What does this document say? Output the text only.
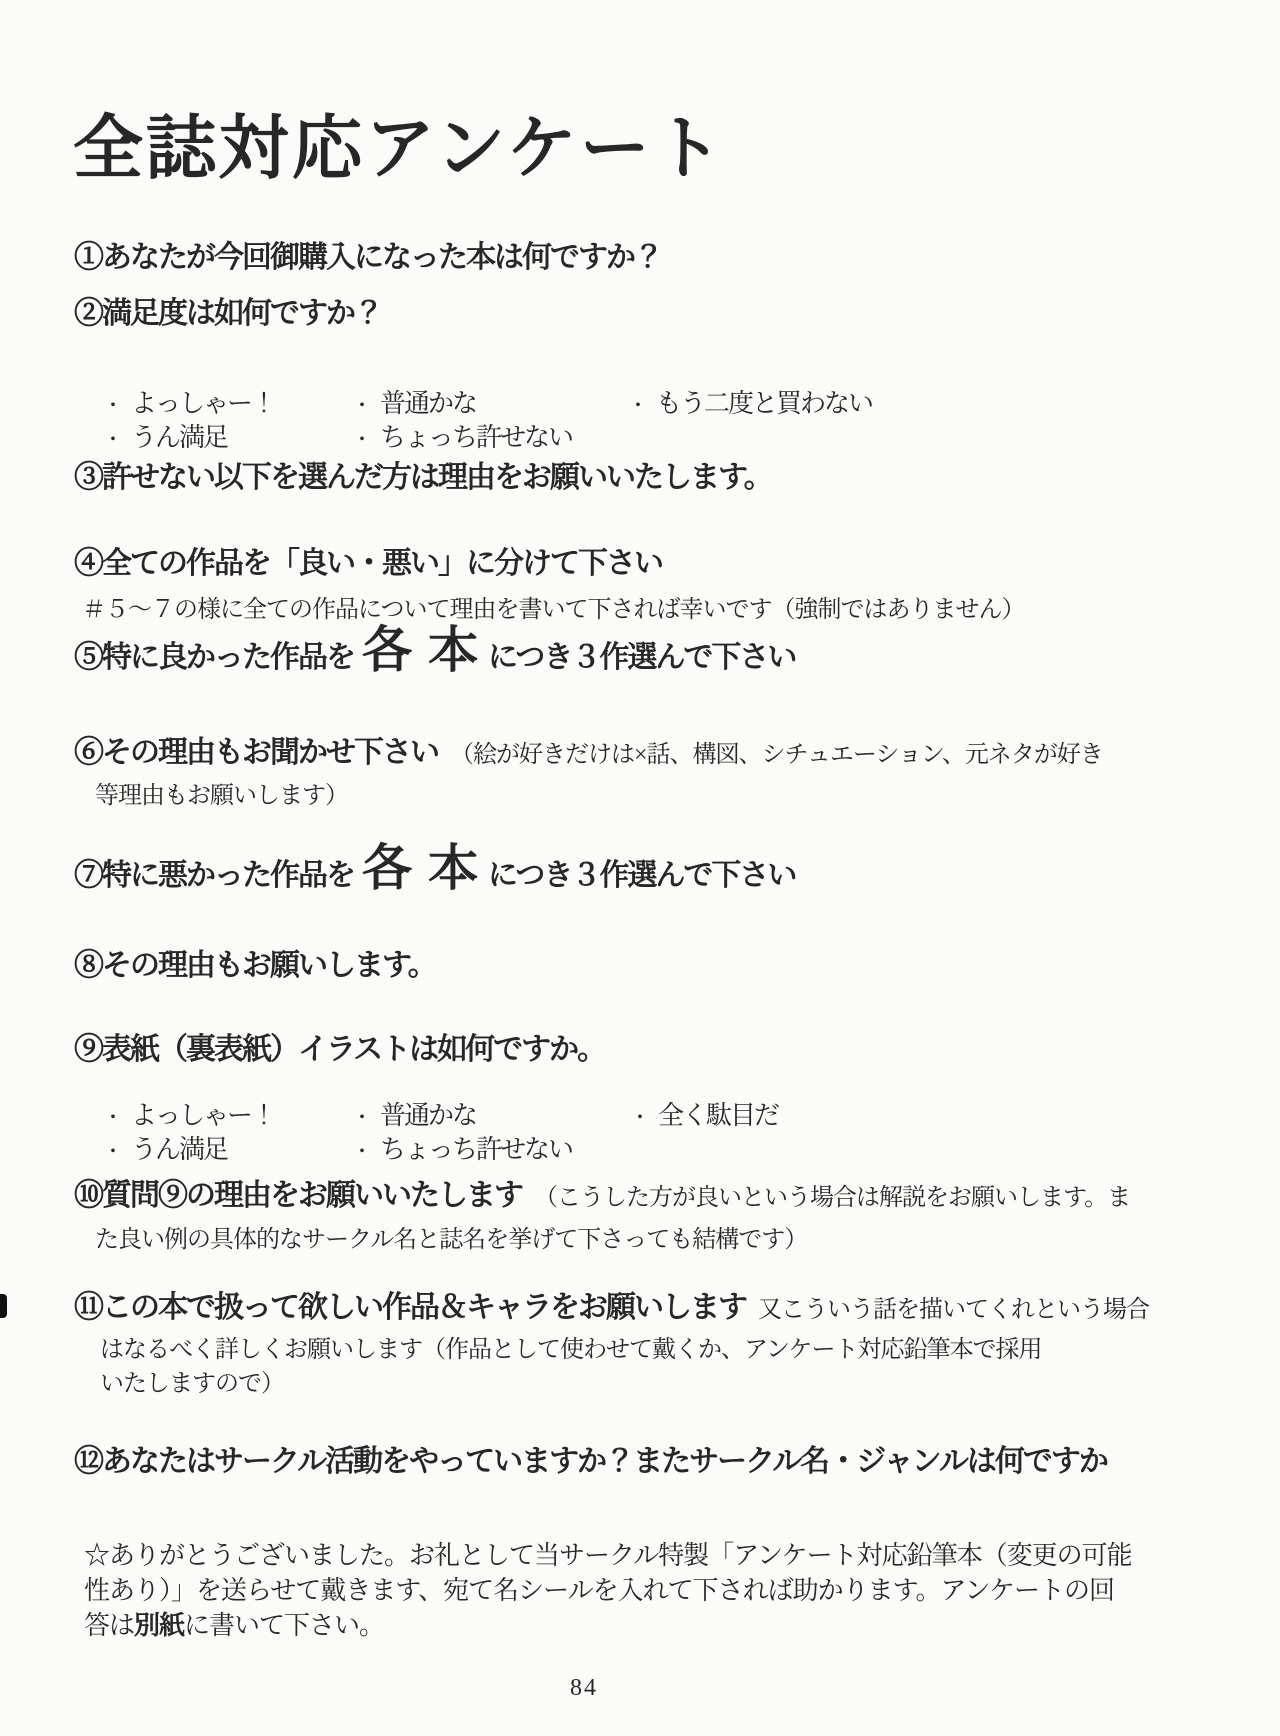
全誌対応アンケート
①あなたが今回御購入になった本は何ですか？
②満足度は如何ですか？
・ よっしゃー！	・ 普通かな	・ もう二度と買わない
・ うん満足	・ ちょっち許せない
③許せない以下を選んだ方は理由をお願いいたします。
④全ての作品を「良い・悪い」に分けて下さい
＃５～７の様に全ての作品について理由を書いて下されば幸いです（強制ではありません）
⑤特に良かった作品を 各本
につき３作選んで下さい
⑥その理由もお聞かせ下さい （絵が好きだけは×話、構図、シチュエーション、元ネタが好き
等理由もお願いします）
⑦特に悪かった作品を 各本
につき３作選んで下さい
⑧その理由もお願いします。
⑨表紙（裏表紙）イラストは如何ですか。
・ よっしゃー！	・ 普通かな	・ 全く駄目だ
・ うん満足	・ ちょっち許せない
⑩質問⑨の理由をお願いいたします （こうした方が良いという場合は解説をお願いします。ま
た良い例の具体的なサークル名と誌名を挙げて下さっても結構です）
⑪この本で扱って欲しい作品＆キャラをお願いします 又こういう話を描いてくれという場合
はなるべく詳しくお願いします（作品として使わせて戴くか、アンケート対応鉛筆本で採用
いたしますので）
⑫あなたはサークル活動をやっていますか？またサークル名・ジャンルは何ですか
☆ありがとうございました。お礼として当サークル特製「アンケート対応鉛筆本（変更の可能
性あり）」を送らせて戴きます、宛て名シールを入れて下されば助かります。アンケートの回
答は別紙に書いて下さい。
84
